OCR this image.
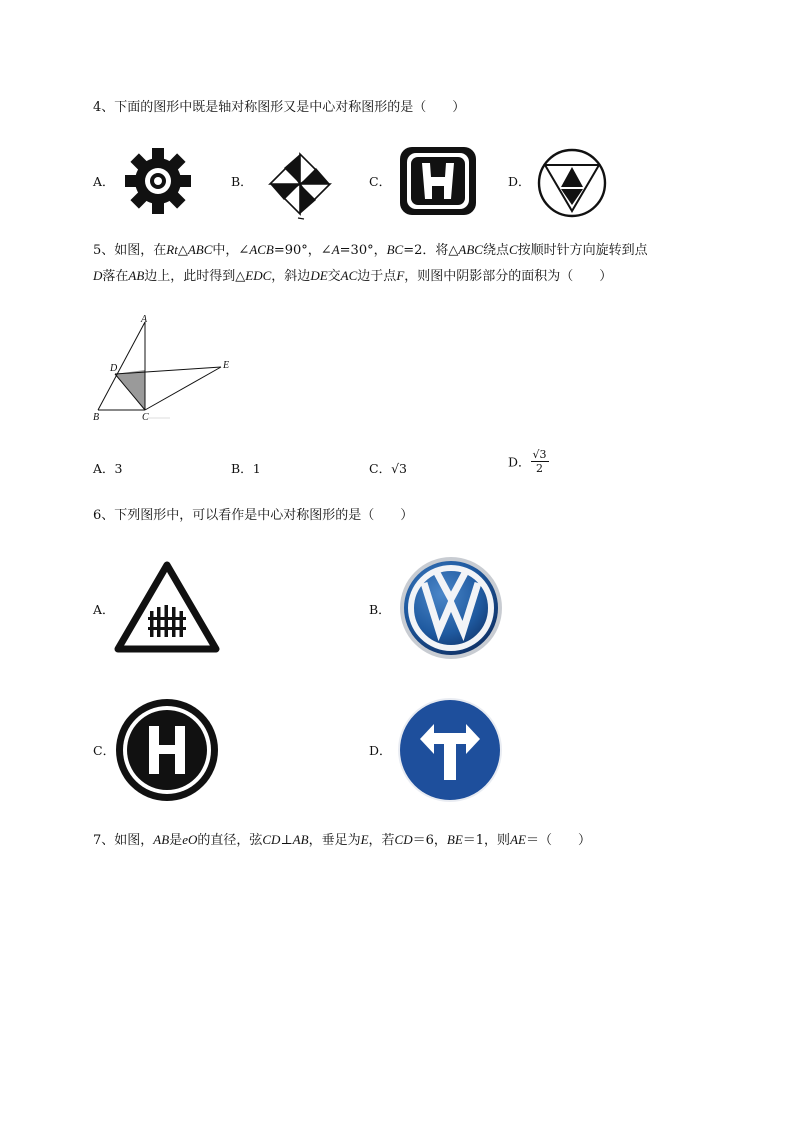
4、下面的图形中既是轴对称图形又是中心对称图形的是（　　）
A．	B．	C．	D．
5、如图，在Rt△ABC中，∠ACB=90°，∠A=30°，BC=2．将△ABC绕点C按顺时针方向旋转到点
D落在AB边上，此时得到△EDC，斜边DE交AC边于点F，则图中阴影部分的面积为（　　）
A
D	E
B	C
A．3	B．1	C．√3	D． $\frac{√3}{2}$
6、下列图形中，可以看作是中心对称图形的是（　　）
A．	B．
C．	D．
7、如图，AB是eO的直径，弦CD⊥AB，垂足为E，若CD＝6，BE＝1，则AE＝（　　）
